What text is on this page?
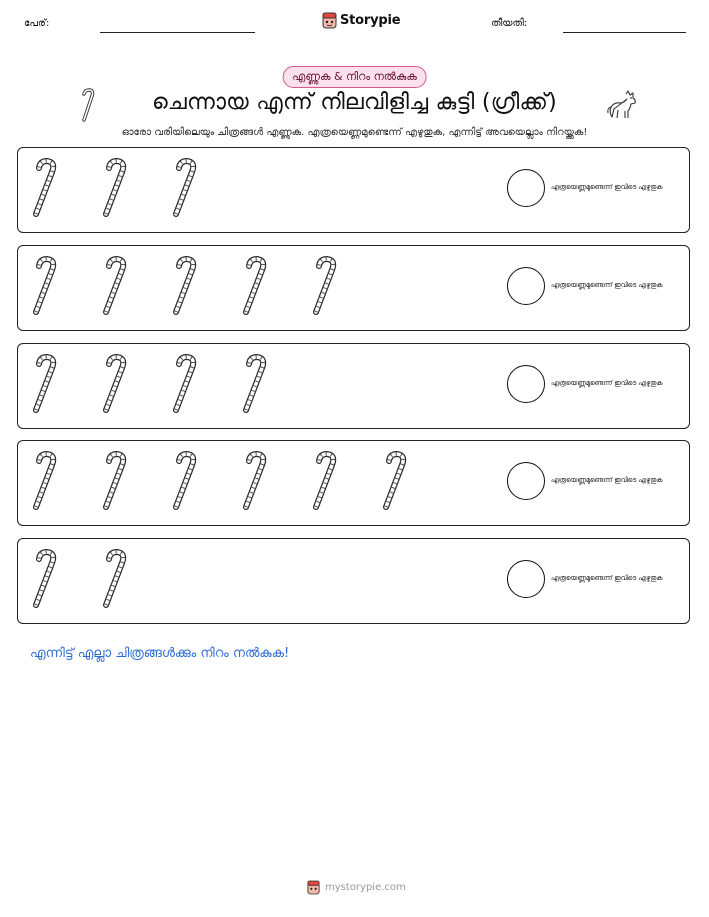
പേര്:	Storypie	തീയതി:
എണ്ണുക & നിറം നൽകുക
ചെന്നായ എന്ന് നിലവിളിച്ച കുട്ടി (ഗ്രീക്ക്)
ഓരോ വരിയിലെയും ചിത്രങ്ങൾ എണ്ണുക. എത്രയെണ്ണമുണ്ടെന്ന് എഴുതുക, എന്നിട്ട് അവയെല്ലാം നിറയ്ക്കുക!
എത്രയെണ്ണമുണ്ടെന്ന് ഇവിടെ എഴുതുക
എത്രയെണ്ണമുണ്ടെന്ന് ഇവിടെ എഴുതുക
എത്രയെണ്ണമുണ്ടെന്ന് ഇവിടെ എഴുതുക
എത്രയെണ്ണമുണ്ടെന്ന് ഇവിടെ എഴുതുക
എത്രയെണ്ണമുണ്ടെന്ന് ഇവിടെ എഴുതുക
എന്നിട്ട് എല്ലാ ചിത്രങ്ങൾക്കും നിറം നൽകുക!
mystorypie.com
